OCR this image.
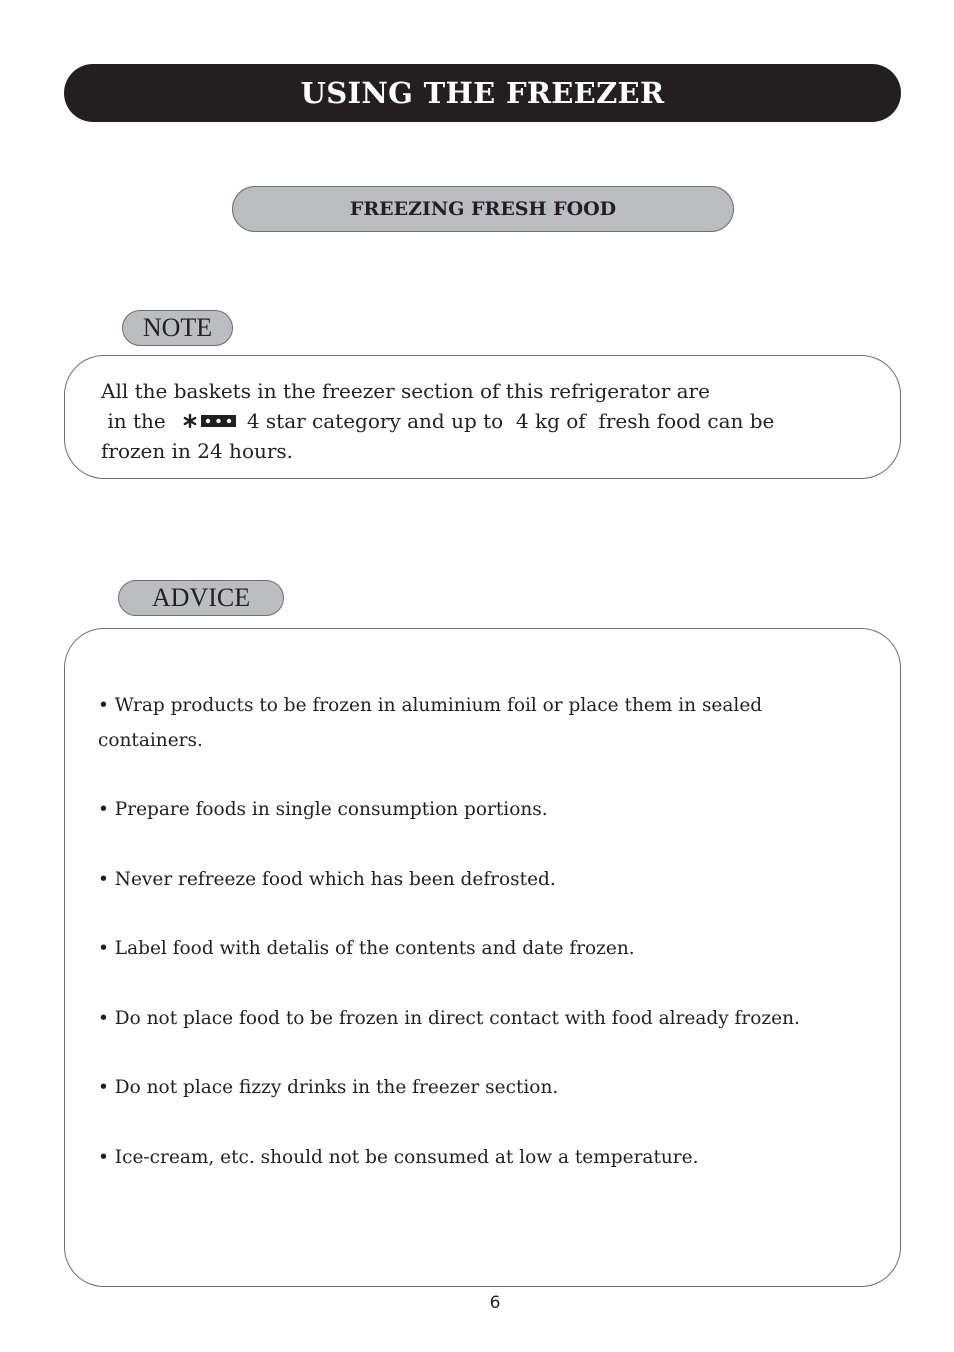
USING THE FREEZER
FREEZING FRESH FOOD
NOTE
All the baskets in the freezer section of this refrigerator are
in the	4 star category and up to  4 kg of  fresh food can be
frozen in 24 hours.
ADVICE
• Wrap products to be frozen in aluminium foil or place them in sealed containers.
• Prepare foods in single consumption portions.
• Never refreeze food which has been defrosted.
• Label food with detalis of the contents and date frozen.
• Do not place food to be frozen in direct contact with food already frozen.
• Do not place fizzy drinks in the freezer section.
• Ice-cream, etc. should not be consumed at low a temperature.
6
